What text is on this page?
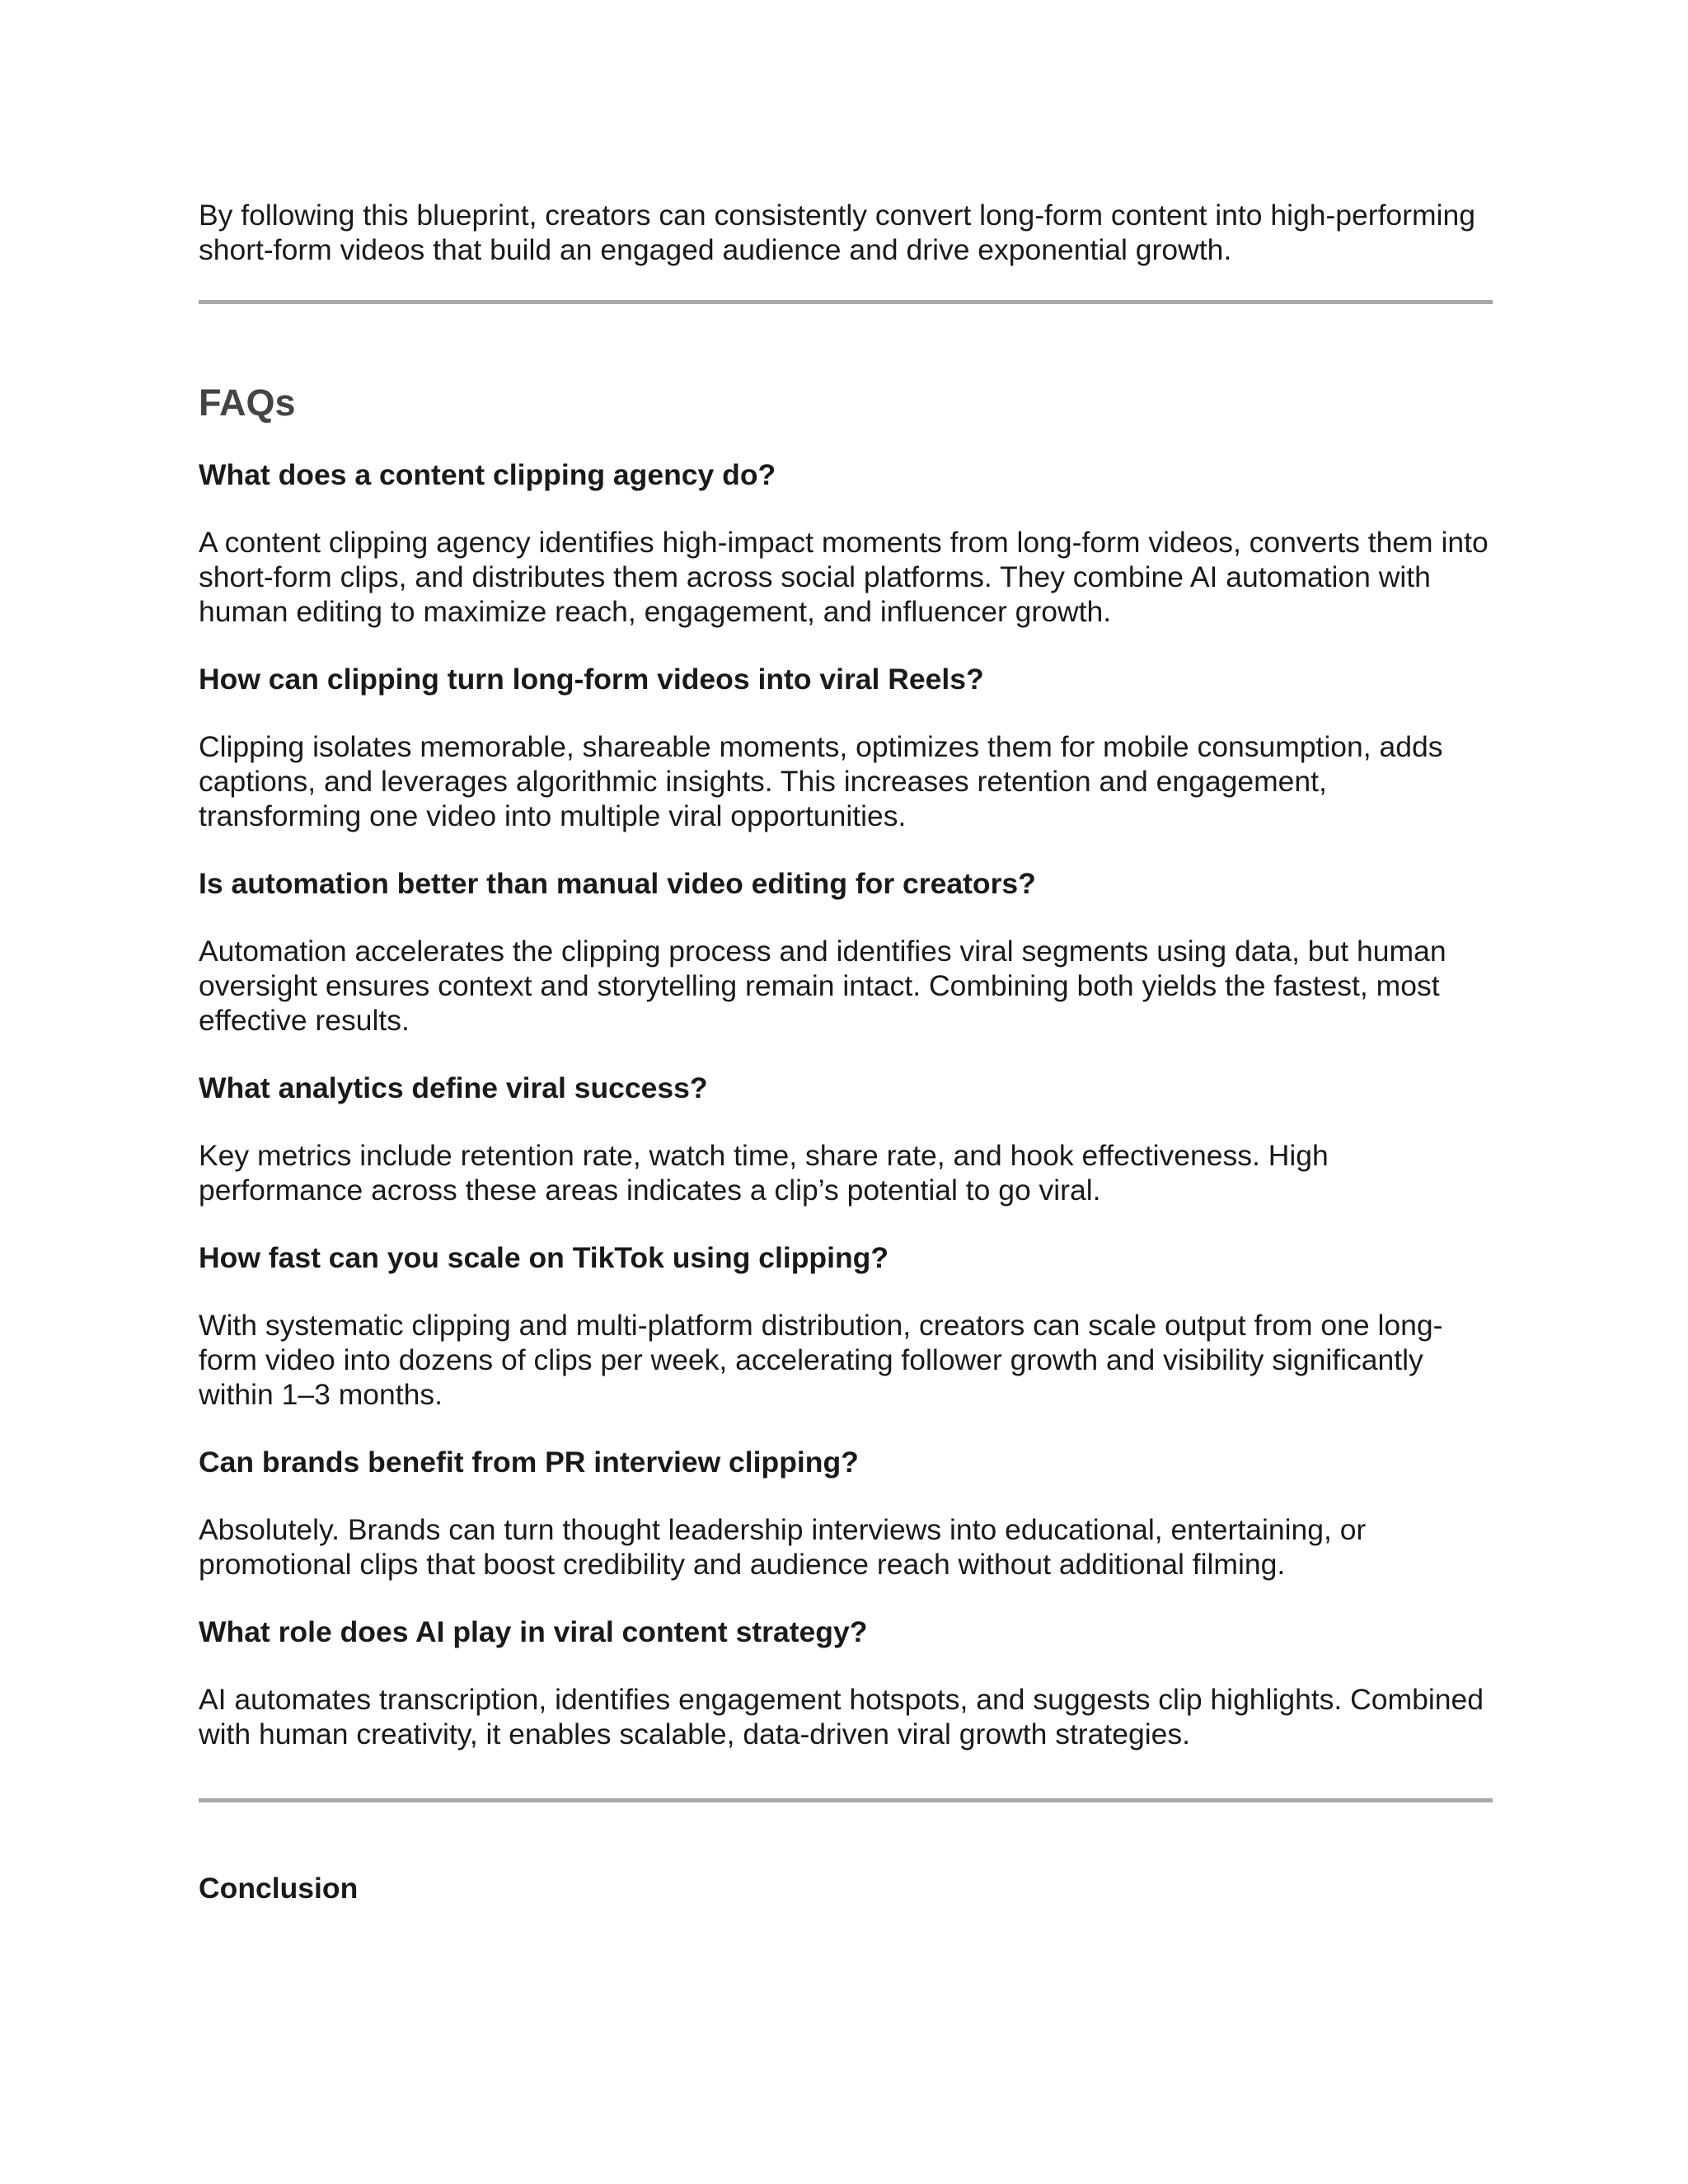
By following this blueprint, creators can consistently convert long-form content into high-performing short-form videos that build an engaged audience and drive exponential growth.

FAQs

What does a content clipping agency do?

A content clipping agency identifies high-impact moments from long-form videos, converts them into short-form clips, and distributes them across social platforms. They combine AI automation with human editing to maximize reach, engagement, and influencer growth.

How can clipping turn long-form videos into viral Reels?

Clipping isolates memorable, shareable moments, optimizes them for mobile consumption, adds captions, and leverages algorithmic insights. This increases retention and engagement, transforming one video into multiple viral opportunities.

Is automation better than manual video editing for creators?

Automation accelerates the clipping process and identifies viral segments using data, but human oversight ensures context and storytelling remain intact. Combining both yields the fastest, most effective results.

What analytics define viral success?

Key metrics include retention rate, watch time, share rate, and hook effectiveness. High performance across these areas indicates a clip’s potential to go viral.

How fast can you scale on TikTok using clipping?

With systematic clipping and multi-platform distribution, creators can scale output from one long-form video into dozens of clips per week, accelerating follower growth and visibility significantly within 1–3 months.

Can brands benefit from PR interview clipping?

Absolutely. Brands can turn thought leadership interviews into educational, entertaining, or promotional clips that boost credibility and audience reach without additional filming.

What role does AI play in viral content strategy?

AI automates transcription, identifies engagement hotspots, and suggests clip highlights. Combined with human creativity, it enables scalable, data-driven viral growth strategies.

Conclusion
